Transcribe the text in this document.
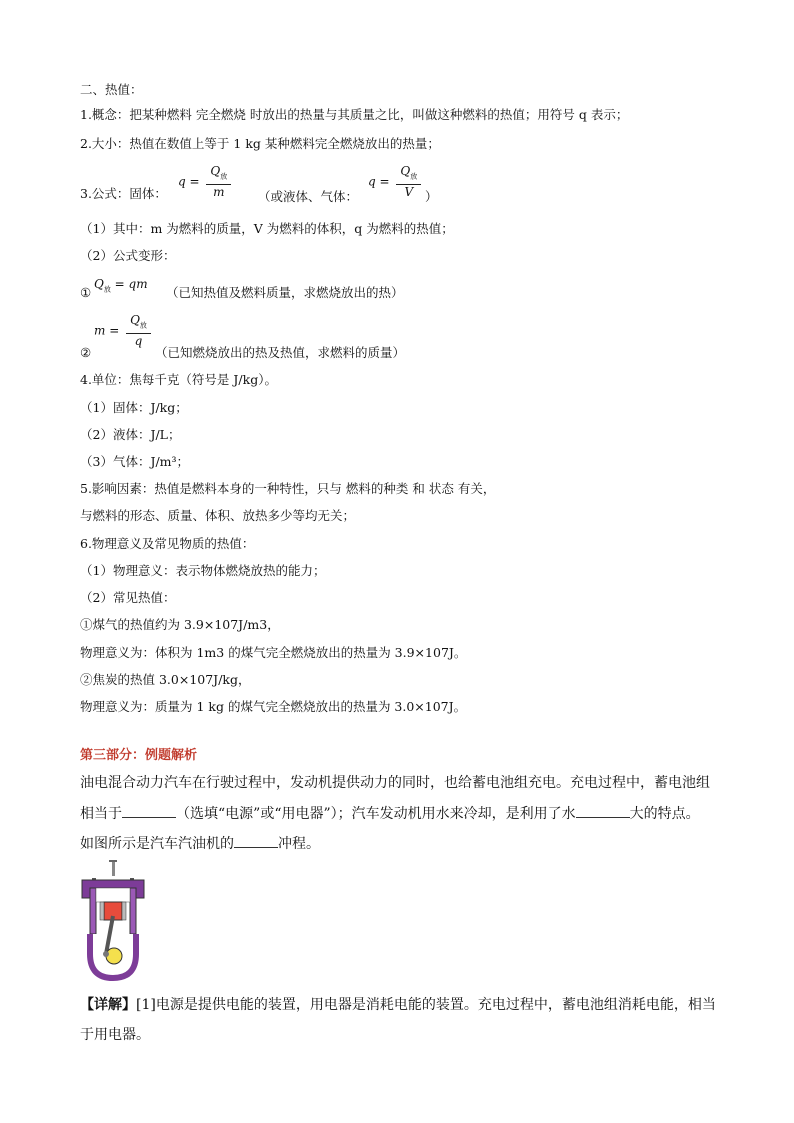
二、热值：
1.概念：把某种燃料 完全燃烧 时放出的热量与其质量之比，叫做这种燃料的热值；用符号 q 表示；
2.大小：热值在数值上等于 1 kg 某种燃料完全燃烧放出的热量；
3.公式：固体：
$q = \frac{Q_放}{m}$ （或液体、气体：
$q = \frac{Q_放}{V}$ ）
（1）其中：m 为燃料的质量，V 为燃料的体积，q 为燃料的热值；
（2）公式变形：
①
$Q_放$ = qm
（已知热值及燃料质量，求燃烧放出的热）
$m = \frac{Q_放}{q}$
②	（已知燃烧放出的热及热值，求燃料的质量）
4.单位：焦每千克（符号是 J/kg）。
（1）固体：J/kg；
（2）液体：J/L；
（3）气体：J/m³；
5.影响因素：热值是燃料本身的一种特性，只与 燃料的种类 和 状态 有关，
与燃料的形态、质量、体积、放热多少等均无关；
6.物理意义及常见物质的热值：
（1）物理意义：表示物体燃烧放热的能力；
（2）常见热值：
①煤气的热值约为 3.9×107J/m3，
物理意义为：体积为 1m3 的煤气完全燃烧放出的热量为 3.9×107J。
②焦炭的热值 3.0×107J/kg，
物理意义为：质量为 1 kg 的煤气完全燃烧放出的热量为 3.0×107J。
第三部分：例题解析
油电混合动力汽车在行驶过程中，发动机提供动力的同时，也给蓄电池组充电。充电过程中，蓄电池组
相当于	（选填“电源”或“用电器”）；汽车发动机用水来冷却，是利用了水	大的特点。
如图所示是汽车汽油机的	冲程。
【详解】[1]电源是提供电能的装置，用电器是消耗电能的装置。充电过程中，蓄电池组消耗电能，相当
于用电器。
